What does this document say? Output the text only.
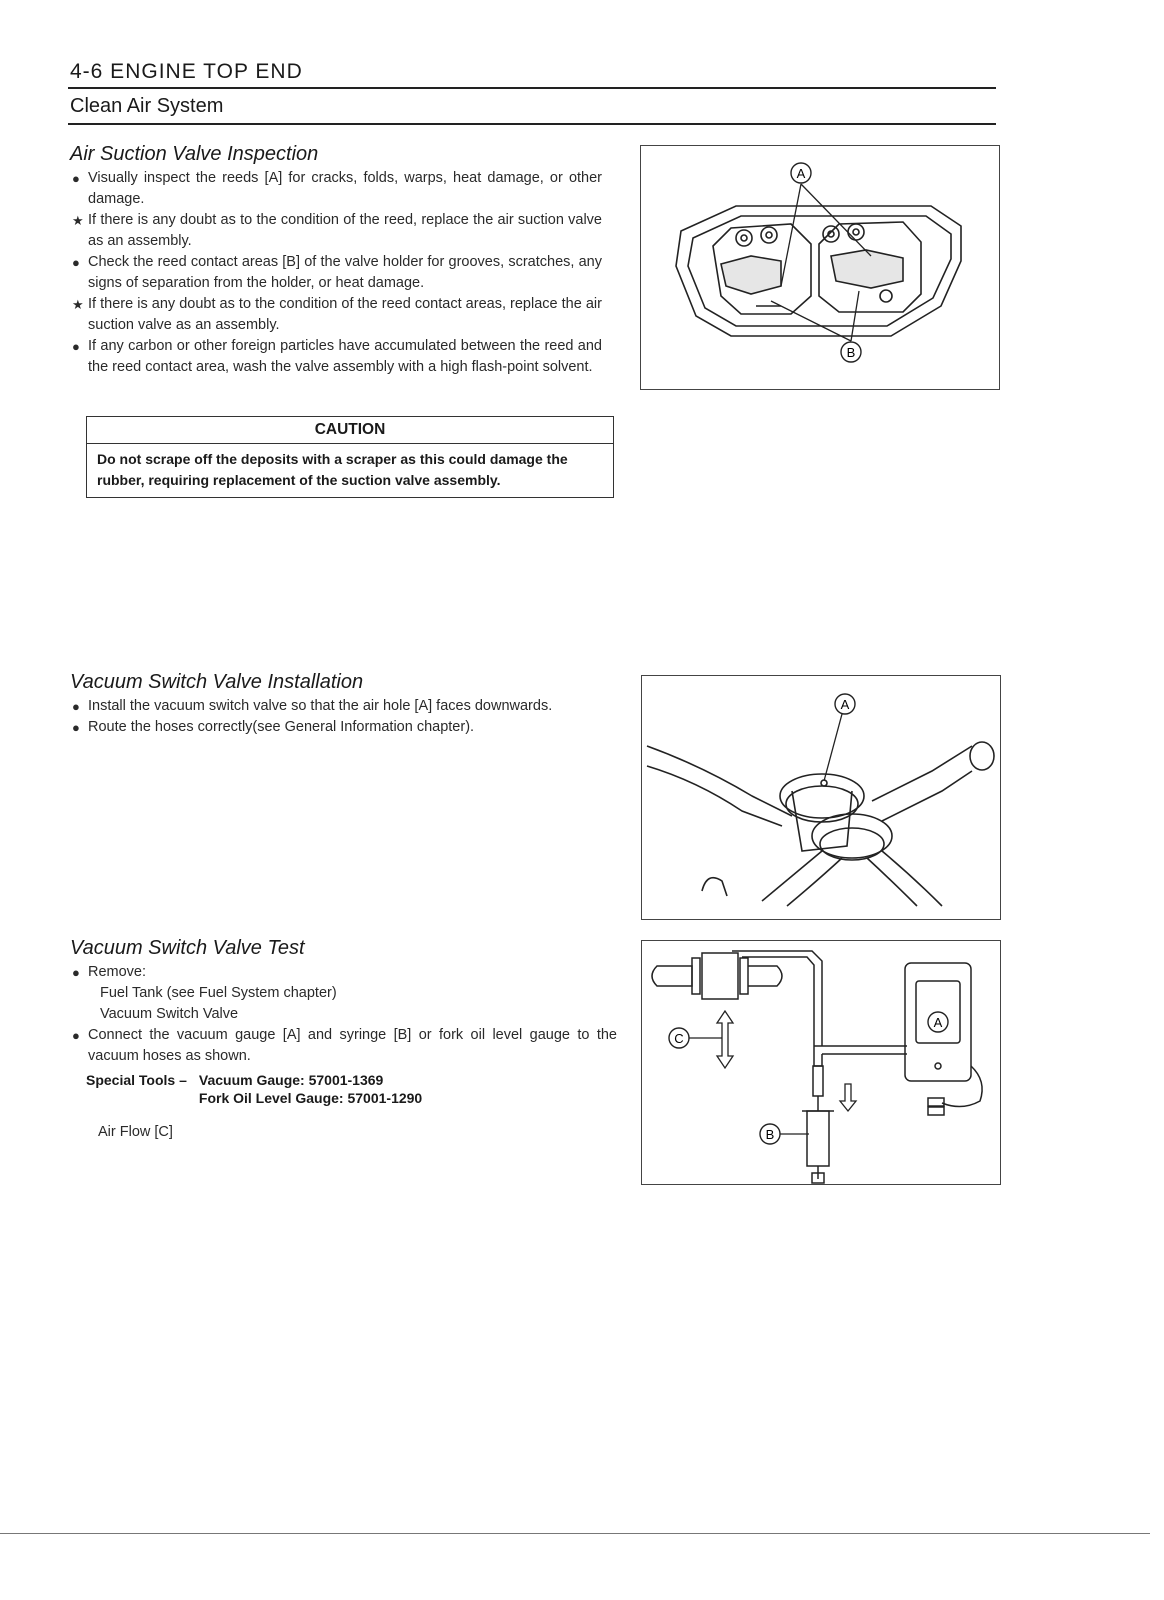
4-6 ENGINE TOP END
Clean Air System
Air Suction Valve Inspection
● Visually inspect the reeds [A] for cracks, folds, warps, heat damage, or other damage.
★ If there is any doubt as to the condition of the reed, replace the air suction valve as an assembly.
● Check the reed contact areas [B] of the valve holder for grooves, scratches, any signs of separation from the holder, or heat damage.
★ If there is any doubt as to the condition of the reed contact areas, replace the air suction valve as an assembly.
● If any carbon or other foreign particles have accumulated between the reed and the reed contact area, wash the valve assembly with a high flash-point solvent.
CAUTION
Do not scrape off the deposits with a scraper as this could damage the rubber, requiring replacement of the suction valve assembly.
A
B
Vacuum Switch Valve Installation
● Install the vacuum switch valve so that the air hole [A] faces downwards.
● Route the hoses correctly(see General Information chapter).
A
Vacuum Switch Valve Test
● Remove:
Fuel Tank (see Fuel System chapter)
Vacuum Switch Valve
● Connect the vacuum gauge [A] and syringe [B] or fork oil level gauge to the vacuum hoses as shown.
Special Tools –	Vacuum Gauge: 57001-1369
	Fork Oil Level Gauge: 57001-1290
Air Flow [C]
A
B
C
